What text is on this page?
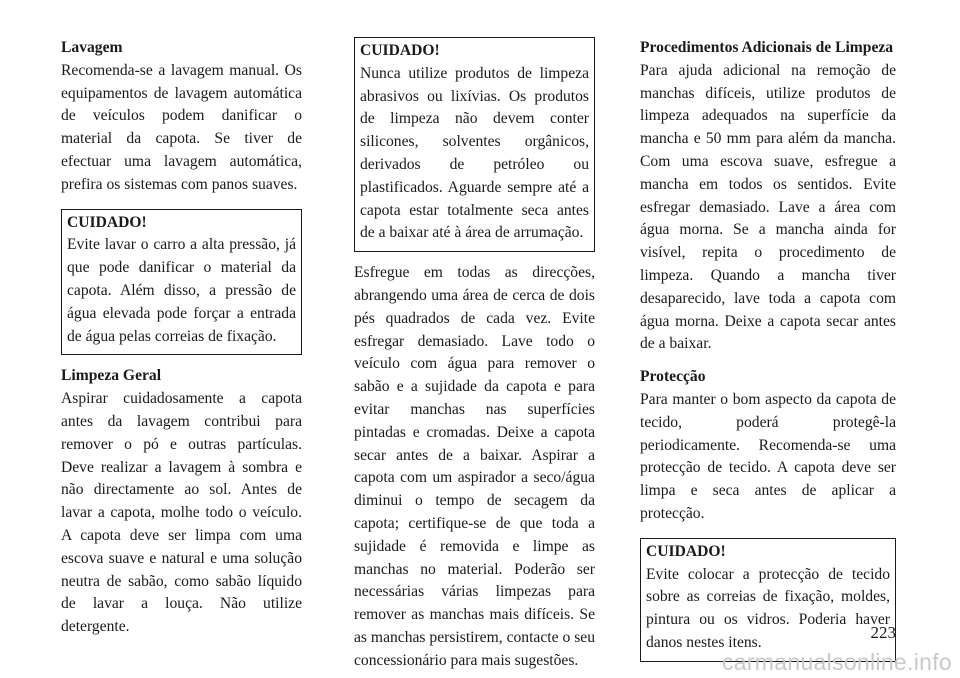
Lavagem

Recomenda-se a lavagem manual. Os equipamentos de lavagem automática de veículos podem danificar o material da capota. Se tiver de efectuar uma lavagem automática, prefira os sistemas com panos suaves.

CUIDADO!

Evite lavar o carro a alta pressão, já que pode danificar o material da capota. Além disso, a pressão de água elevada pode forçar a entrada de água pelas correias de fixação.

Limpeza Geral

Aspirar cuidadosamente a capota antes da lavagem contribui para remover o pó e outras partículas. Deve realizar a lavagem à sombra e não directamente ao sol. Antes de lavar a capota, molhe todo o veículo. A capota deve ser limpa com uma escova suave e natural e uma solução neutra de sabão, como sabão líquido de lavar a louça. Não utilize detergente.

CUIDADO!

Nunca utilize produtos de limpeza abrasivos ou lixívias. Os produtos de limpeza não devem conter silicones, solventes orgânicos, derivados de petróleo ou plastificados. Aguarde sempre até a capota estar totalmente seca antes de a baixar até à área de arrumação.

Esfregue em todas as direcções, abrangendo uma área de cerca de dois pés quadrados de cada vez. Evite esfregar demasiado. Lave todo o veículo com água para remover o sabão e a sujidade da capota e para evitar manchas nas superfícies pintadas e cromadas. Deixe a capota secar antes de a baixar. Aspirar a capota com um aspirador a seco/água diminui o tempo de secagem da capota; certifique-se de que toda a sujidade é removida e limpe as manchas no material. Poderão ser necessárias várias limpezas para remover as manchas mais difíceis. Se as manchas persistirem, contacte o seu concessionário para mais sugestões.

Procedimentos Adicionais de Limpeza

Para ajuda adicional na remoção de manchas difíceis, utilize produtos de limpeza adequados na superfície da mancha e 50 mm para além da mancha. Com uma escova suave, esfregue a mancha em todos os sentidos. Evite esfregar demasiado. Lave a área com água morna. Se a mancha ainda for visível, repita o procedimento de limpeza. Quando a mancha tiver desaparecido, lave toda a capota com água morna. Deixe a capota secar antes de a baixar.

Protecção

Para manter o bom aspecto da capota de tecido, poderá protegê-la periodicamente. Recomenda-se uma protecção de tecido. A capota deve ser limpa e seca antes de aplicar a protecção.

CUIDADO!

Evite colocar a protecção de tecido sobre as correias de fixação, moldes, pintura ou os vidros. Poderia haver danos nestes itens.

223
carmanualsonline.info
